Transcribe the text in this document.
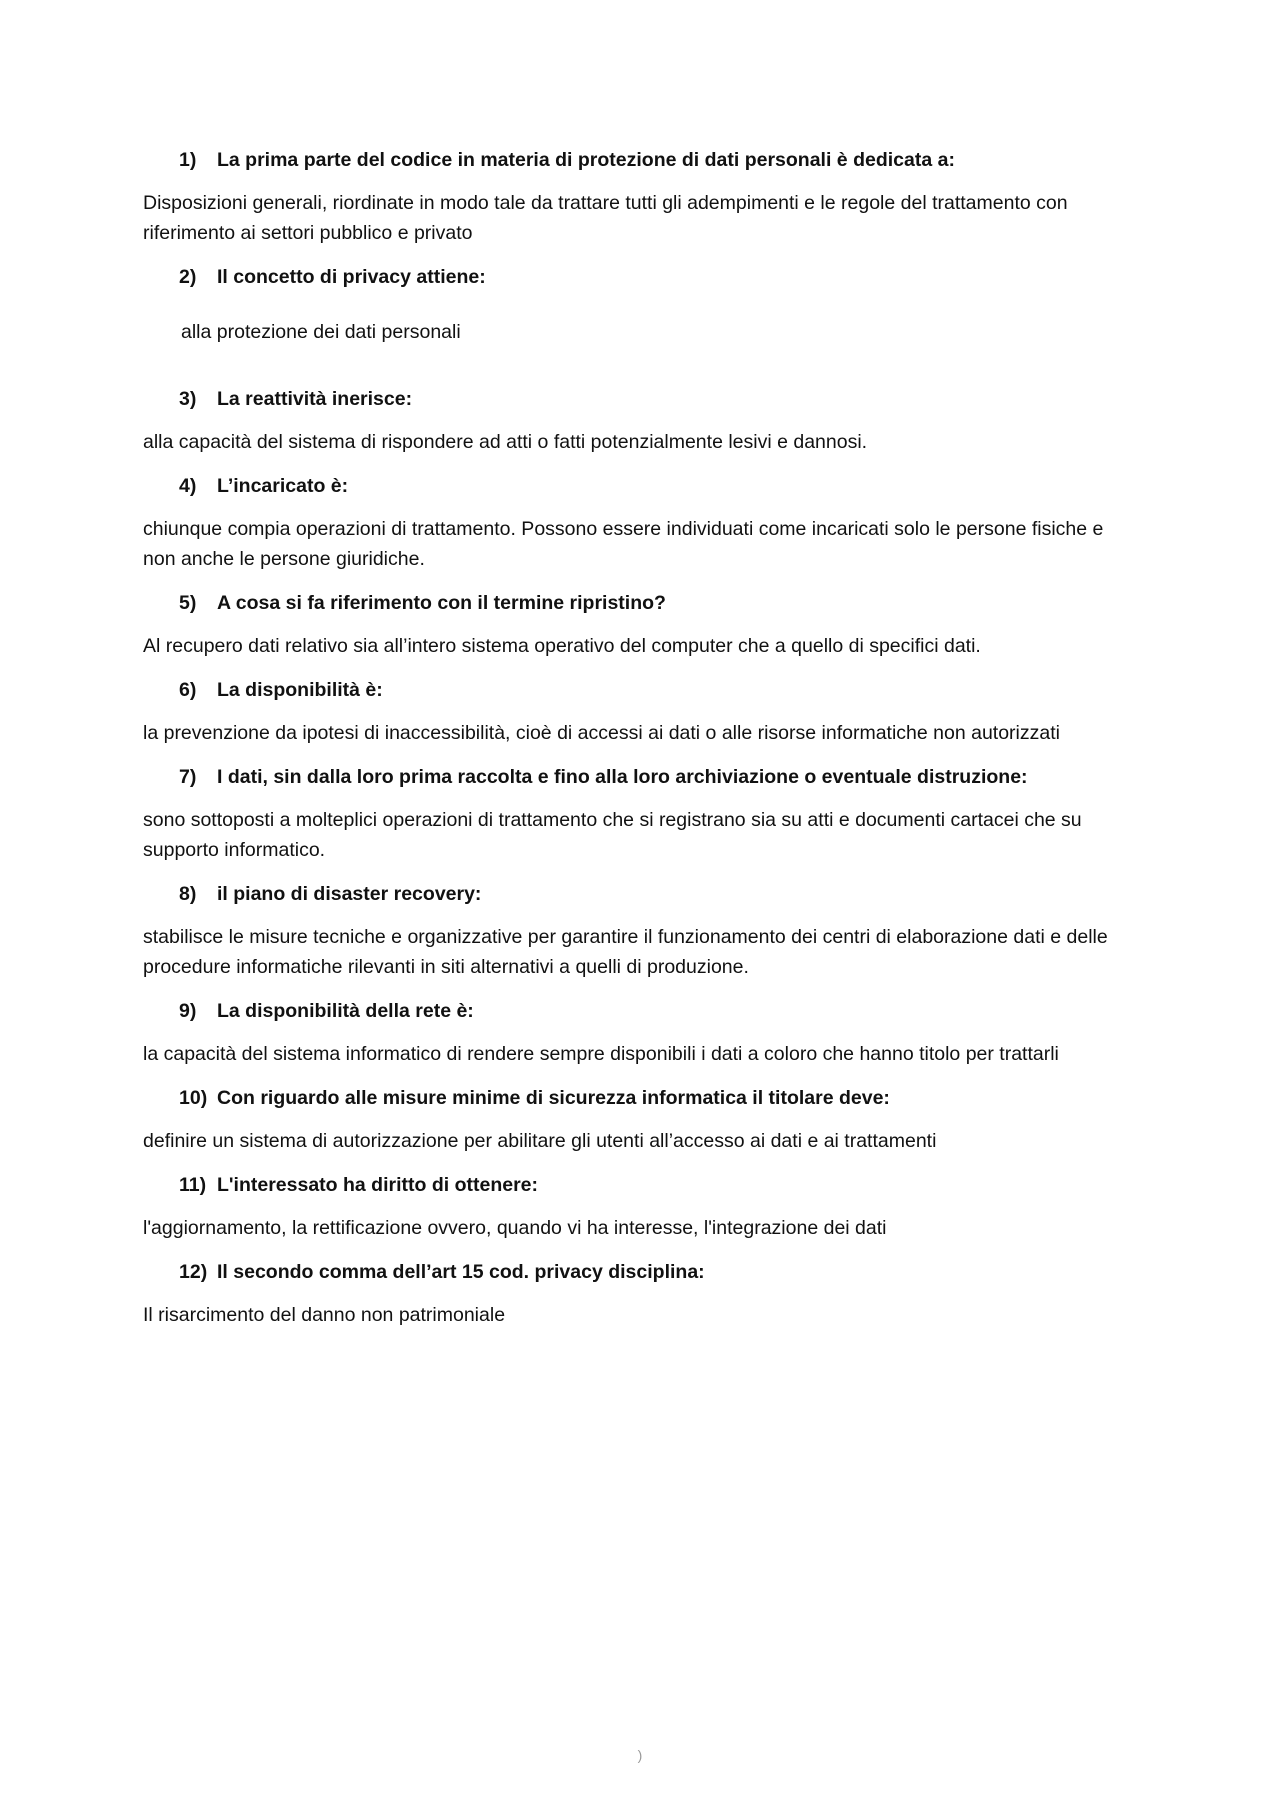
1)	La prima parte del codice in materia di protezione di dati personali è dedicata a:
Disposizioni generali, riordinate in modo tale da trattare tutti gli adempimenti e le regole del trattamento con riferimento ai settori pubblico e privato
2)	Il concetto di privacy attiene:
alla protezione dei dati personali
3)	La reattività inerisce:
alla capacità del sistema di rispondere ad atti o fatti potenzialmente lesivi e dannosi.
4)	L’incaricato è:
chiunque compia operazioni di trattamento. Possono essere individuati come incaricati solo le persone fisiche e non anche le persone giuridiche.
5)	A cosa si fa riferimento con il termine ripristino?
Al recupero dati relativo sia all’intero sistema operativo del computer che a quello di specifici dati.
6)	La disponibilità è:
la prevenzione da ipotesi di inaccessibilità, cioè di accessi ai dati o alle risorse informatiche non autorizzati
7)	I dati, sin dalla loro prima raccolta e fino alla loro archiviazione o eventuale distruzione:
sono sottoposti a molteplici operazioni di trattamento che si registrano sia su atti e documenti cartacei che su supporto informatico.
8)	il piano di disaster recovery:
stabilisce le misure tecniche e organizzative per garantire il funzionamento dei centri di elaborazione dati e delle procedure informatiche rilevanti in siti alternativi a quelli di produzione.
9)	La disponibilità della rete è:
la capacità del sistema informatico di rendere sempre disponibili i dati a coloro che hanno titolo per trattarli
10) Con riguardo alle misure minime di sicurezza informatica il titolare deve:
definire un sistema di autorizzazione per abilitare gli utenti all’accesso ai dati e ai trattamenti
11) L'interessato ha diritto di ottenere:
l'aggiornamento, la rettificazione ovvero, quando vi ha interesse, l'integrazione dei dati
12) Il secondo comma dell’art 15 cod. privacy disciplina:
Il risarcimento del danno non patrimoniale
)
